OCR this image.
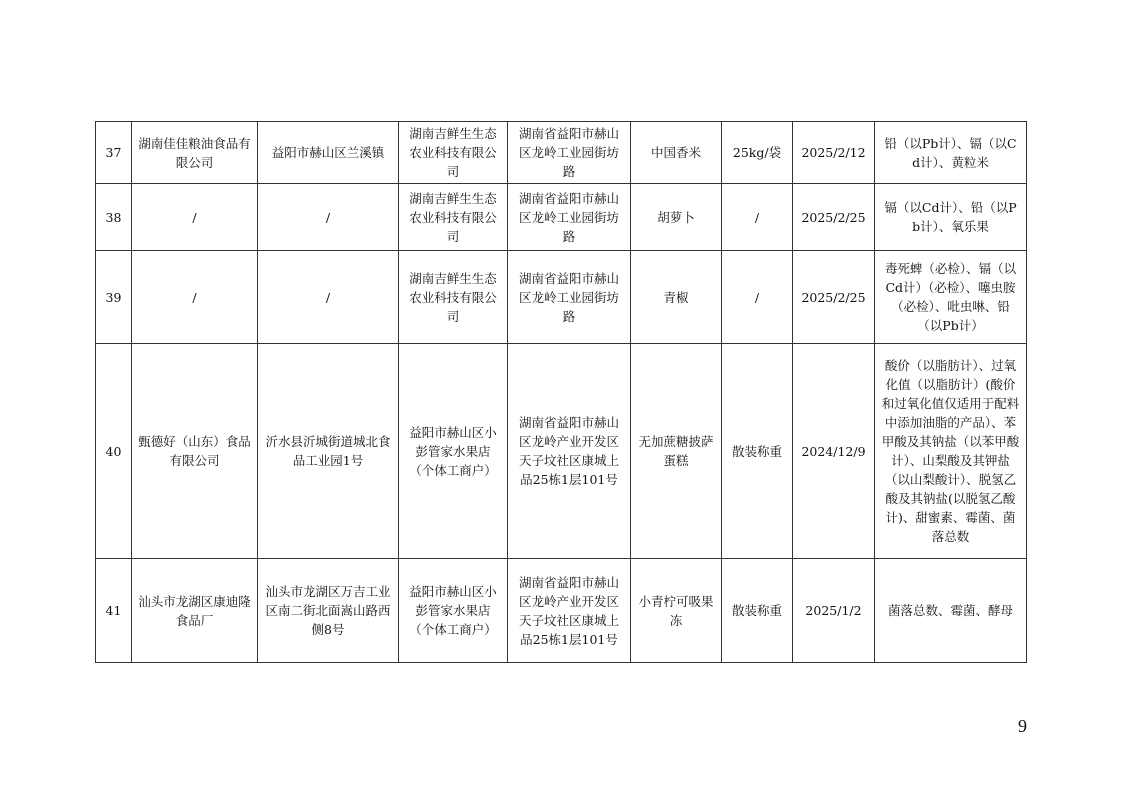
37	湖南佳佳粮油食品有限公司	益阳市赫山区兰溪镇	湖南吉鲜生生态农业科技有限公司	湖南省益阳市赫山区龙岭工业园街坊路	中国香米	25kg/袋	2025/2/12	铅（以Pb计）、镉（以Cd计）、黄粒米
38	/	/	湖南吉鲜生生态农业科技有限公司	湖南省益阳市赫山区龙岭工业园街坊路	胡萝卜	/	2025/2/25	镉（以Cd计）、铅（以Pb计）、氧乐果
39	/	/	湖南吉鲜生生态农业科技有限公司	湖南省益阳市赫山区龙岭工业园街坊路	青椒	/	2025/2/25	毒死蜱（必检）、镉（以Cd计）（必检）、噻虫胺（必检）、吡虫啉、铅（以Pb计）
40	甄德好（山东）食品有限公司	沂水县沂城街道城北食品工业园1号	益阳市赫山区小彭管家水果店（个体工商户）	湖南省益阳市赫山区龙岭产业开发区天子坟社区康城上品25栋1层101号	无加蔗糖披萨蛋糕	散装称重	2024/12/9	酸价（以脂肪计）、过氧化值（以脂肪计）(酸价和过氧化值仅适用于配料中添加油脂的产品）、苯甲酸及其钠盐（以苯甲酸计）、山梨酸及其钾盐（以山梨酸计）、脱氢乙酸及其钠盐(以脱氢乙酸计)、甜蜜素、霉菌、菌落总数
41	汕头市龙湖区康迪隆食品厂	汕头市龙湖区万吉工业区南二街北面嵩山路西侧8号	益阳市赫山区小彭管家水果店（个体工商户）	湖南省益阳市赫山区龙岭产业开发区天子坟社区康城上品25栋1层101号	小青柠可吸果冻	散装称重	2025/1/2	菌落总数、霉菌、酵母
9
